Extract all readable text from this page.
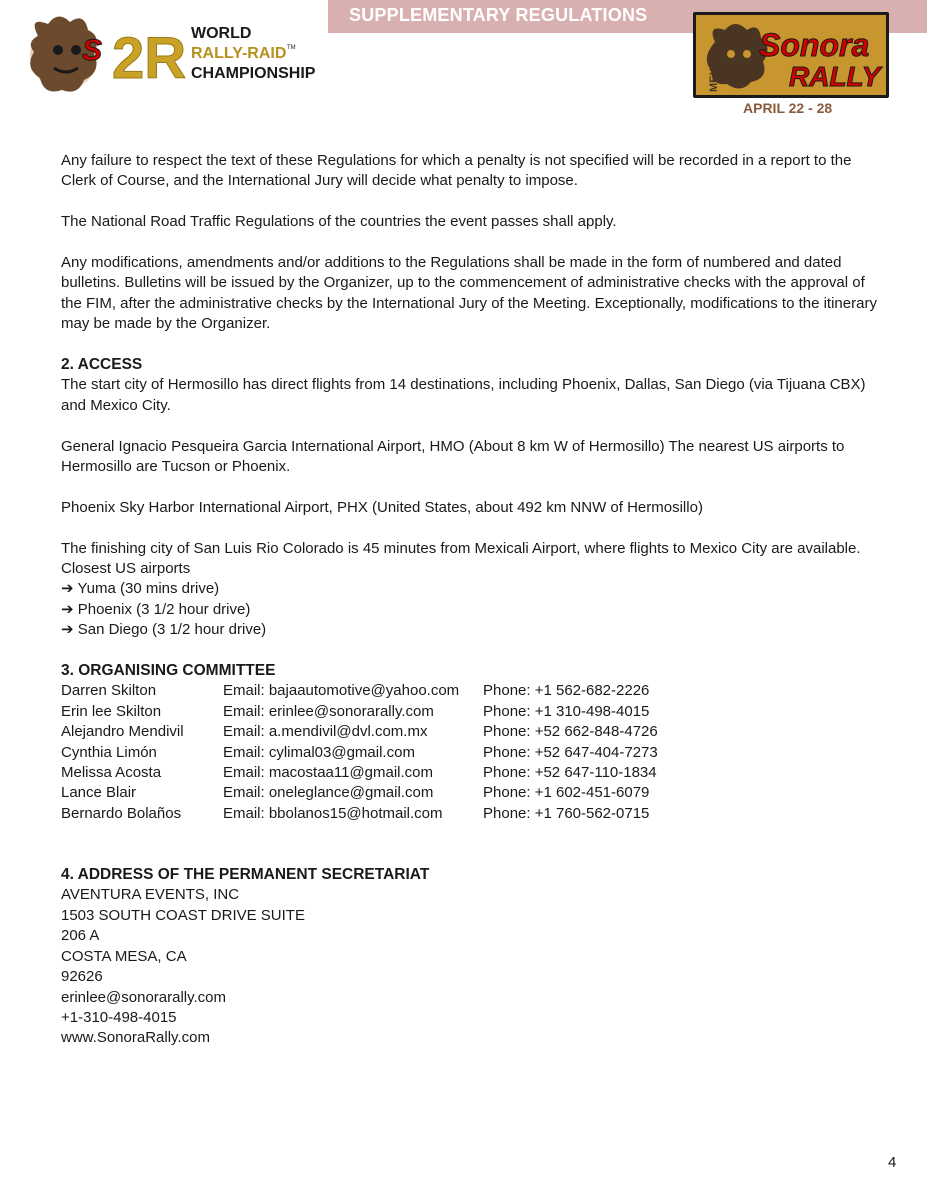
SUPPLEMENTARY REGULATIONS
S 2R WORLD
RALLY-RAID TM
CHAMPIONSHIP	MEXICO
Sonora
RALLY
APRIL 22 - 28

Any failure to respect the text of these Regulations for which a penalty is not specified will be recorded in a report to the Clerk of Course, and the International Jury will decide what penalty to impose.

The National Road Traffic Regulations of the countries the event passes shall apply.

Any modifications, amendments and/or additions to the Regulations shall be made in the form of numbered and dated bulletins. Bulletins will be issued by the Organizer, up to the commencement of administrative checks with the approval of the FIM, after the administrative checks by the International Jury of the Meeting. Exceptionally, modifications to the itinerary may be made by the Organizer.

2. ACCESS

The start city of Hermosillo has direct flights from 14 destinations, including Phoenix, Dallas, San Diego (via Tijuana CBX) and Mexico City.

General Ignacio Pesqueira Garcia International Airport, HMO (About 8 km W of Hermosillo) The nearest US airports to Hermosillo are Tucson or Phoenix.

Phoenix Sky Harbor International Airport, PHX (United States, about 492 km NNW of Hermosillo)

The finishing city of San Luis Rio Colorado is 45 minutes from Mexicali Airport, where flights to Mexico City are available.

Closest US airports

➔ Yuma (30 mins drive)

➔ Phoenix (3 1/2 hour drive)

➔ San Diego (3 1/2 hour drive)

3. ORGANISING COMMITTEE
Darren Skilton	Email: bajaautomotive@yahoo.com	Phone: +1 562-682-2226
Erin lee Skilton	Email: erinlee@sonorarally.com	Phone: +1 310-498-4015
Alejandro Mendivil	Email: a.mendivil@dvl.com.mx	Phone: +52 662-848-4726
Cynthia Limón	Email: cylimal03@gmail.com	Phone: +52 647-404-7273
Melissa Acosta	Email: macostaa11@gmail.com	Phone: +52 647-110-1834
Lance Blair	Email: oneleglance@gmail.com	Phone: +1 602-451-6079
Bernardo Bolaños	Email: bbolanos15@hotmail.com	Phone: +1 760-562-0715
4. ADDRESS OF THE PERMANENT SECRETARIAT

AVENTURA EVENTS, INC

1503 SOUTH COAST DRIVE SUITE

206 A

COSTA MESA, CA

92626

erinlee@sonorarally.com

+1-310-498-4015

www.SonoraRally.com

4
